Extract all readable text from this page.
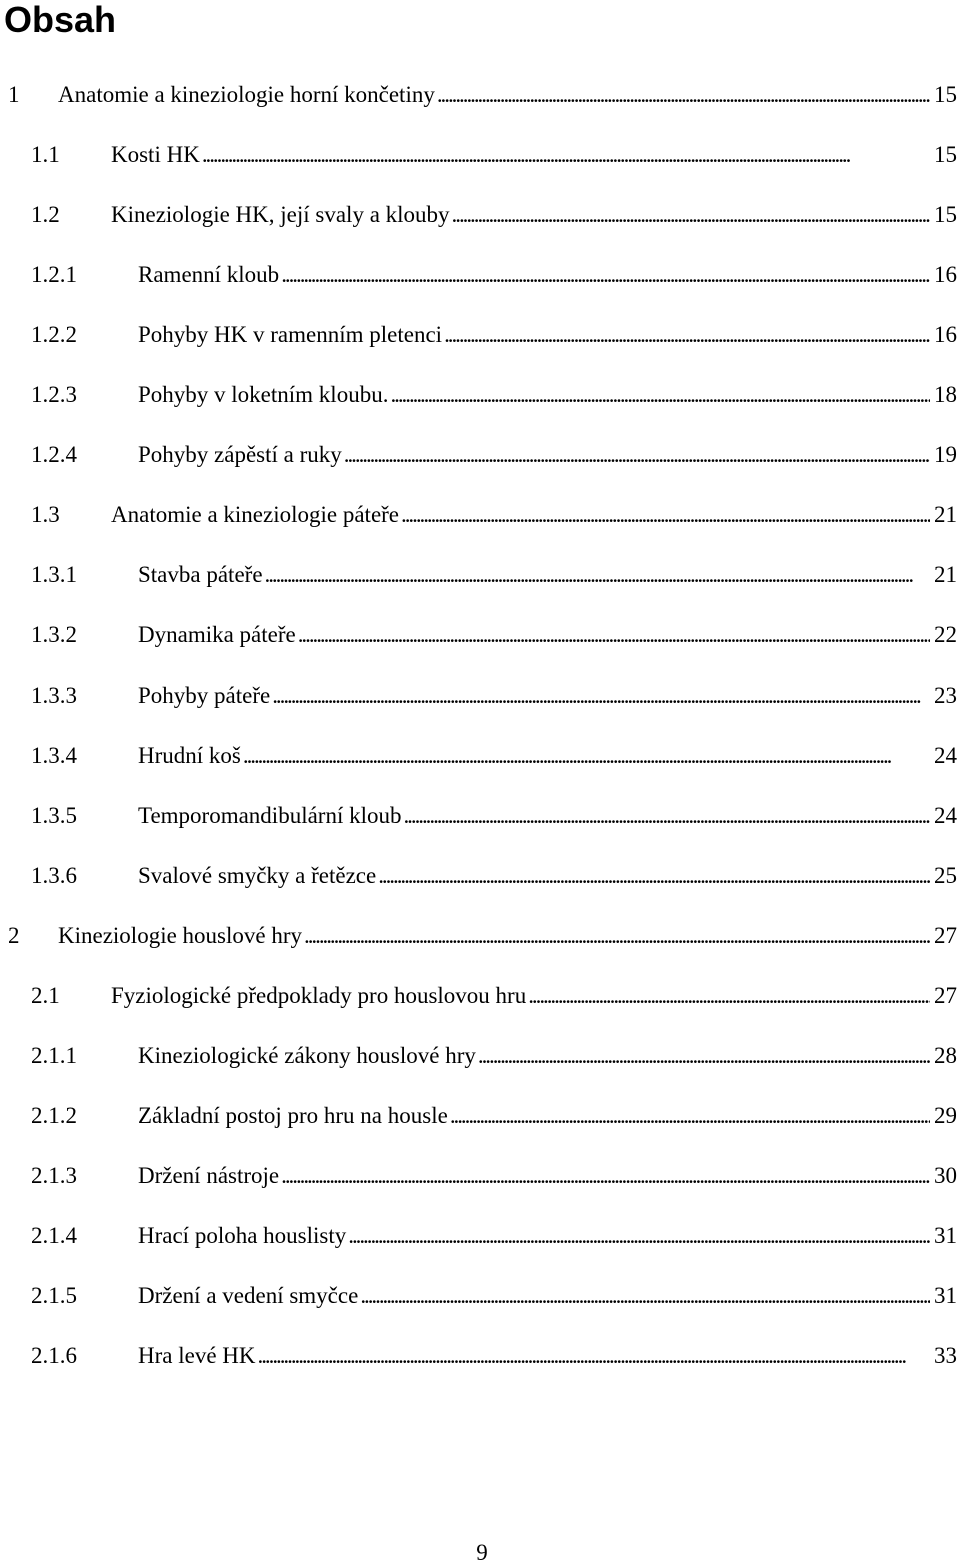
Obsah
1 Anatomie a kineziologie horní končetiny . . .	15
1.1 Kosti HK . . .	15
1.2 Kineziologie HK, její svaly a klouby . . .	15
1.2.1	Ramenní kloub . . .	16
1.2.2	Pohyby HK v ramenním pletenci . . .	16
1.2.3	Pohyby v loketním kloubu. . . .	18
1.2.4	Pohyby zápěstí a ruky . . .	19
1.3 Anatomie a kineziologie páteře . . .	21
1.3.1	Stavba páteře . . .	21
1.3.2	Dynamika páteře . . .	22
1.3.3	Pohyby páteře . . .	23
1.3.4	Hrudní koš . . .	24
1.3.5	Temporomandibulární kloub . . .	24
1.3.6	Svalové smyčky a řetězce . . .	25
2 Kineziologie houslové hry . . .	27
2.1 Fyziologické předpoklady pro houslovou hru . . .	27
2.1.1	Kineziologické zákony houslové hry . . .	28
2.1.2	Základní postoj pro hru na housle . . .	29
2.1.3	Držení nástroje . . .	30
2.1.4	Hrací poloha houslisty . . .	31
2.1.5	Držení a vedení smyčce . . .	31
2.1.6	Hra levé HK . . .	33
9
